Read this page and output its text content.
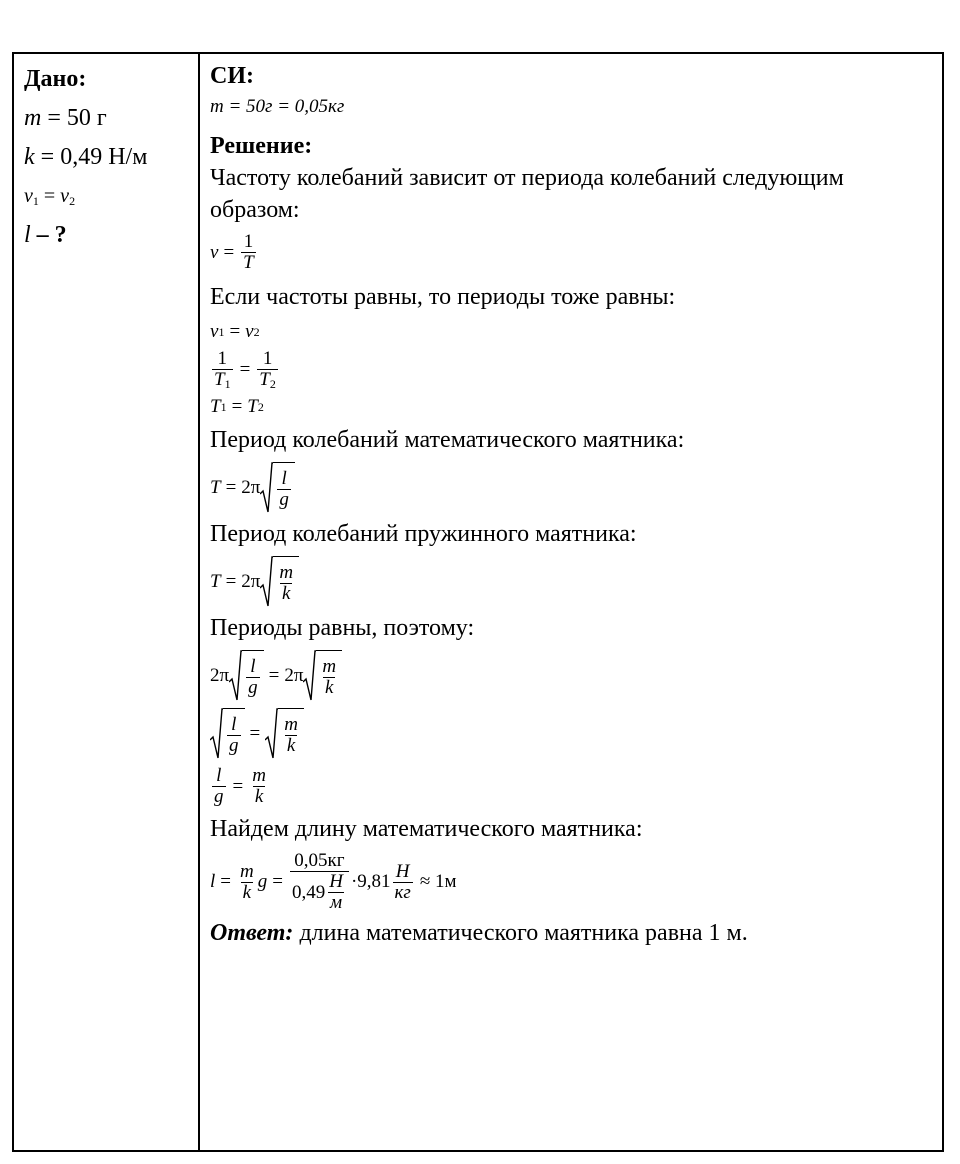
Дано:
m = 50 г
k = 0,49 Н/м
$\nu_1 = \nu_2$
l – ?
СИ:
m = 50г = 0,05кг
Решение:
Частоту колебаний зависит от периода колебаний следующим образом:
$\nu = \frac{1}{T}$
Если частоты равны, то периоды тоже равны:
ν 1 = ν 2
$\frac{1}{T_1} = \frac{1}{T_2}$
T 1 = T 2
Период колебаний математического маятника:
$T = 2\pi \frac{l}{g}$
Период колебаний пружинного маятника:
$T = 2\pi \frac{m}{k}$
Периоды равны, поэтому:
$2\pi \frac{l}{g} = 2\pi \frac{m}{k}$
$\frac{l}{g} = \frac{m}{k}$
$\frac{l}{g} = \frac{m}{k}$
Найдем длину математического маятника:
$l = \frac{m}{k}$ $g = \frac{0,05кг}{0,49 \frac{Н}{м}} \cdot 9,81 \frac{Н}{кг} \approx 1м$
Ответ: длина математического маятника равна 1 м.
